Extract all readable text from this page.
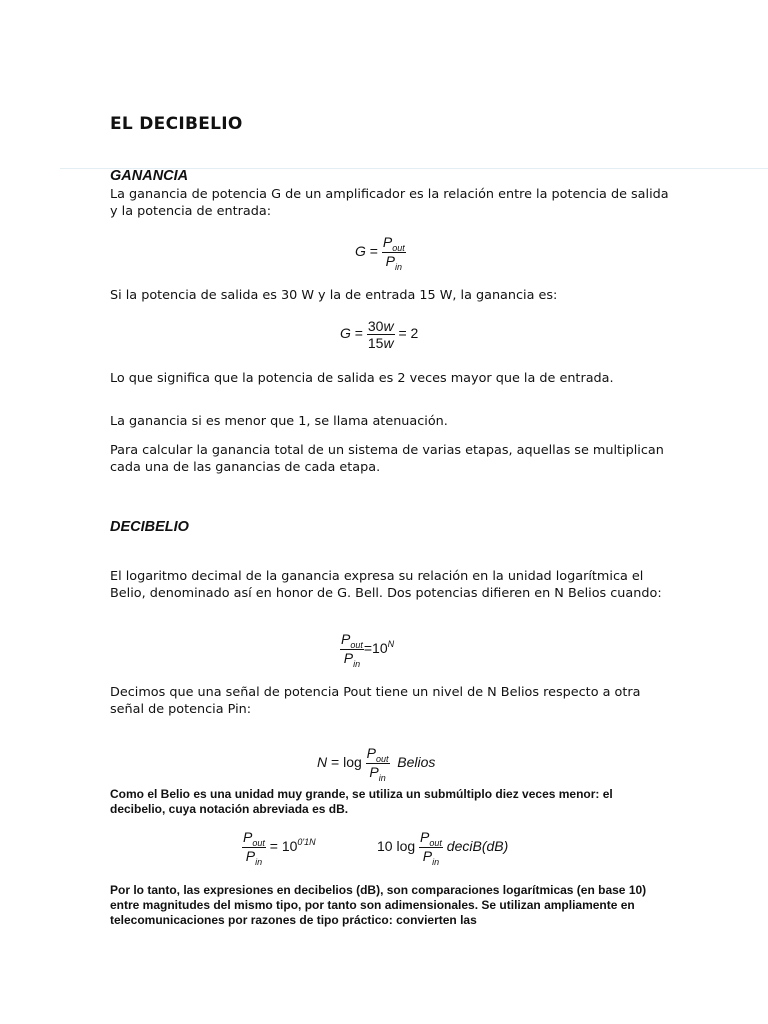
EL DECIBELIO
GANANCIA
La ganancia de potencia G de un amplificador es la relación entre la potencia de salida y la potencia de entrada:
$G = \frac{P_{out}}{P_{in}}$
Si la potencia de salida es 30 W y la de entrada 15 W, la ganancia es:
$G = \frac{30w}{15w} = 2$
Lo que significa que la potencia de salida es 2 veces mayor que la de entrada.
La ganancia si es menor que 1, se llama atenuación.
Para calcular la ganancia total de un sistema de varias etapas, aquellas se multiplican cada una de las ganancias de cada etapa.
DECIBELIO
El logaritmo decimal de la ganancia expresa su relación en la unidad logarítmica el Belio, denominado así en honor de G. Bell. Dos potencias difieren en N Belios cuando:
$\frac{P_{out}}{P_{in}} =10^N$
Decimos que una señal de potencia Pout tiene un nivel de N Belios respecto a otra señal de potencia Pin:
$N = \log \frac{P_{out}}{P_{in}}$ Belios
Como el Belio es una unidad muy grande, se utiliza un submúltiplo diez veces menor: el decibelio, cuya notación abreviada es dB.
$\frac{P_{out}}{P_{in}} = 10^{0'1N}$	10 $\log \frac{P_{out}}{P_{in}}$ deciB(dB)
Por lo tanto, las expresiones en decibelios (dB), son comparaciones logarítmicas (en base 10) entre magnitudes del mismo tipo, por tanto son adimensionales. Se utilizan ampliamente en telecomunicaciones por razones de tipo práctico: convierten las
